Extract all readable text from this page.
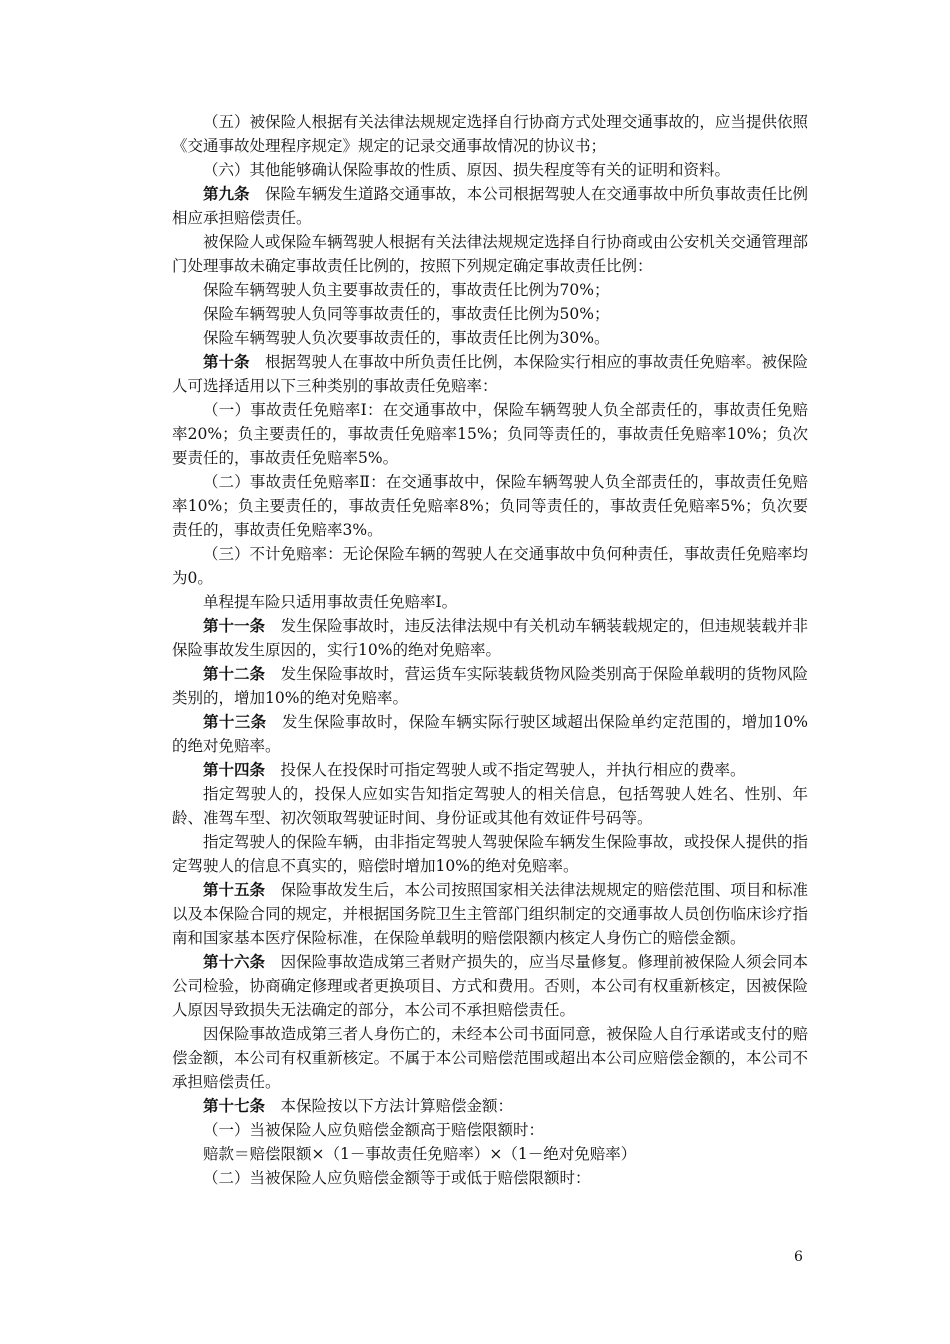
（五）被保险人根据有关法律法规规定选择自行协商方式处理交通事故的，应当提供依照《交通事故处理程序规定》规定的记录交通事故情况的协议书；

（六）其他能够确认保险事故的性质、原因、损失程度等有关的证明和资料。

第九条 保险车辆发生道路交通事故，本公司根据驾驶人在交通事故中所负事故责任比例相应承担赔偿责任。

被保险人或保险车辆驾驶人根据有关法律法规规定选择自行协商或由公安机关交通管理部门处理事故未确定事故责任比例的，按照下列规定确定事故责任比例：

保险车辆驾驶人负主要事故责任的，事故责任比例为70%；

保险车辆驾驶人负同等事故责任的，事故责任比例为50%；

保险车辆驾驶人负次要事故责任的，事故责任比例为30%。

第十条 根据驾驶人在事故中所负责任比例，本保险实行相应的事故责任免赔率。被保险人可选择适用以下三种类别的事故责任免赔率：

（一）事故责任免赔率Ⅰ：在交通事故中，保险车辆驾驶人负全部责任的，事故责任免赔率20%；负主要责任的，事故责任免赔率15%；负同等责任的，事故责任免赔率10%；负次要责任的，事故责任免赔率5%。

（二）事故责任免赔率Ⅱ：在交通事故中，保险车辆驾驶人负全部责任的，事故责任免赔率10%；负主要责任的，事故责任免赔率8%；负同等责任的，事故责任免赔率5%；负次要责任的，事故责任免赔率3%。

（三）不计免赔率：无论保险车辆的驾驶人在交通事故中负何种责任，事故责任免赔率均为0。

单程提车险只适用事故责任免赔率Ⅰ。

第十一条 发生保险事故时，违反法律法规中有关机动车辆装载规定的，但违规装载并非保险事故发生原因的，实行10%的绝对免赔率。

第十二条 发生保险事故时，营运货车实际装载货物风险类别高于保险单载明的货物风险类别的，增加10%的绝对免赔率。

第十三条 发生保险事故时，保险车辆实际行驶区域超出保险单约定范围的，增加10%的绝对免赔率。

第十四条 投保人在投保时可指定驾驶人或不指定驾驶人，并执行相应的费率。

指定驾驶人的，投保人应如实告知指定驾驶人的相关信息，包括驾驶人姓名、性别、年龄、准驾车型、初次领取驾驶证时间、身份证或其他有效证件号码等。

指定驾驶人的保险车辆，由非指定驾驶人驾驶保险车辆发生保险事故，或投保人提供的指定驾驶人的信息不真实的，赔偿时增加10%的绝对免赔率。

第十五条 保险事故发生后，本公司按照国家相关法律法规规定的赔偿范围、项目和标准以及本保险合同的规定，并根据国务院卫生主管部门组织制定的交通事故人员创伤临床诊疗指南和国家基本医疗保险标准，在保险单载明的赔偿限额内核定人身伤亡的赔偿金额。

第十六条 因保险事故造成第三者财产损失的，应当尽量修复。修理前被保险人须会同本公司检验，协商确定修理或者更换项目、方式和费用。否则，本公司有权重新核定，因被保险人原因导致损失无法确定的部分，本公司不承担赔偿责任。

因保险事故造成第三者人身伤亡的，未经本公司书面同意，被保险人自行承诺或支付的赔偿金额，本公司有权重新核定。不属于本公司赔偿范围或超出本公司应赔偿金额的，本公司不承担赔偿责任。

第十七条 本保险按以下方法计算赔偿金额：

（一）当被保险人应负赔偿金额高于赔偿限额时：

赔款＝赔偿限额×（1－事故责任免赔率）×（1－绝对免赔率）

（二）当被保险人应负赔偿金额等于或低于赔偿限额时：

6
